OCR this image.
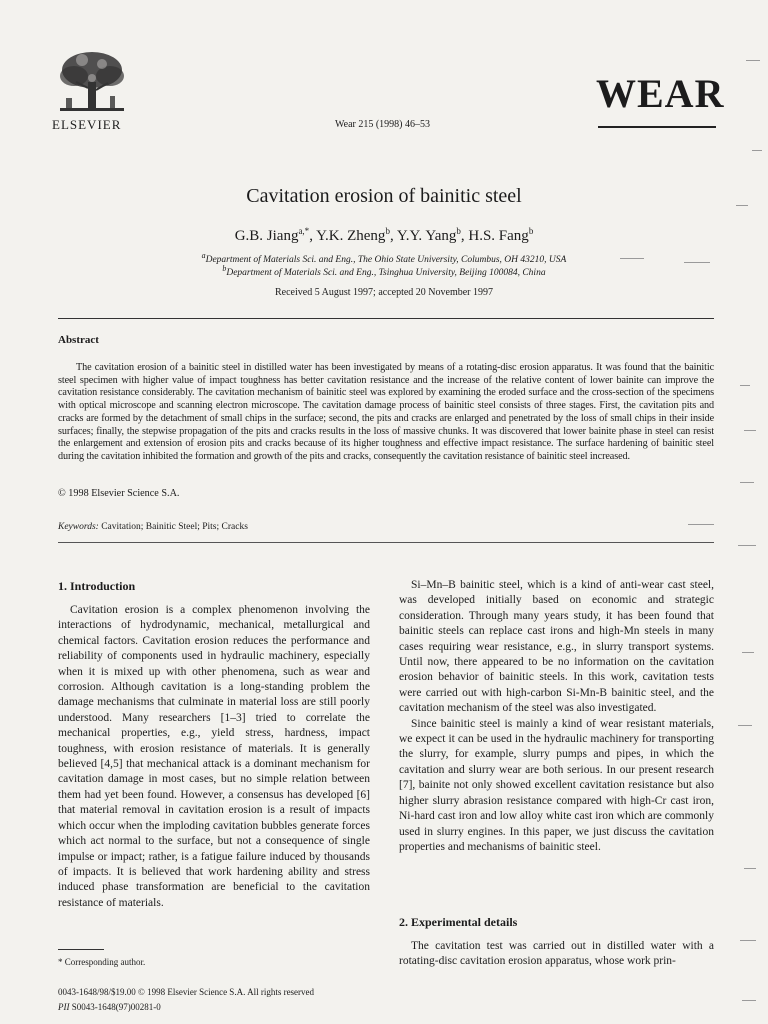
ELSEVIER	Wear 215 (1998) 46–53
WEAR
Cavitation erosion of bainitic steel
G.B. Jiang$^{a,*}$, Y.K. Zheng$^b$, Y.Y. Yang$^b$, H.S. Fang$^b$
$^a$Department of Materials Sci. and Eng., The Ohio State University, Columbus, OH 43210, USA
$^b$Department of Materials Sci. and Eng., Tsinghua University, Beijing 100084, China
Received 5 August 1997; accepted 20 November 1997
Abstract
The cavitation erosion of a bainitic steel in distilled water has been investigated by means of a rotating-disc erosion apparatus. It was found that the bainitic steel specimen with higher value of impact toughness has better cavitation resistance and the increase of the relative content of lower bainite can improve the cavitation resistance considerably. The cavitation mechanism of bainitic steel was explored by examining the eroded surface and the cross-section of the specimens with optical microscope and scanning electron microscope. The cavitation damage process of bainitic steel consists of three stages. First, the cavitation pits and cracks are formed by the detachment of small chips in the surface; second, the pits and cracks are enlarged and penetrated by the loss of small chips in their inside surfaces; finally, the stepwise propagation of the pits and cracks results in the loss of massive chunks. It was discovered that lower bainite phase in steel can resist the enlargement and extension of erosion pits and cracks because of its higher toughness and effective impact resistance. The surface hardening of bainitic steel during the cavitation inhibited the formation and growth of the pits and cracks, consequently the cavitation resistance of bainitic steel increased.
© 1998 Elsevier Science S.A.
Keywords: Cavitation; Bainitic Steel; Pits; Cracks
1. Introduction

Cavitation erosion is a complex phenomenon involving the interactions of hydrodynamic, mechanical, metallurgical and chemical factors. Cavitation erosion reduces the performance and reliability of components used in hydraulic machinery, especially when it is mixed up with other phenomena, such as wear and corrosion. Although cavitation is a long-standing problem the damage mechanisms that culminate in material loss are still poorly understood. Many researchers [1–3] tried to correlate the mechanical properties, e.g., yield stress, hardness, impact toughness, with erosion resistance of materials. It is generally believed [4,5] that mechanical attack is a dominant mechanism for cavitation damage in most cases, but no simple relation between them had yet been found. However, a consensus has developed [6] that material removal in cavitation erosion is a result of impacts which occur when the imploding cavitation bubbles generate forces which act normal to the surface, but not a consequence of single impulse or impact; rather, is a fatigue failure induced by thousands of impacts. It is believed that work hardening ability and stress induced phase transformation are beneficial to the cavitation resistance of materials.

Si–Mn–B bainitic steel, which is a kind of anti-wear cast steel, was developed initially based on economic and strategic consideration. Through many years study, it has been found that bainitic steels can replace cast irons and high-Mn steels in many cases requiring wear resistance, e.g., in slurry transport systems. Until now, there appeared to be no information on the cavitation erosion behavior of bainitic steels. In this work, cavitation tests were carried out with high-carbon Si-Mn-B bainitic steel, and the cavitation mechanism of the steel was also investigated.

Since bainitic steel is mainly a kind of wear resistant materials, we expect it can be used in the hydraulic machinery for transporting the slurry, for example, slurry pumps and pipes, in which the cavitation and slurry wear are both serious. In our present research [7], bainite not only showed excellent cavitation resistance but also higher slurry abrasion resistance compared with high-Cr cast iron, Ni-hard cast iron and low alloy white cast iron which are commonly used in slurry engines. In this paper, we just discuss the cavitation properties and mechanisms of bainitic steel.

2. Experimental details

The cavitation test was carried out in distilled water with a rotating-disc cavitation erosion apparatus, whose work prin-

* Corresponding author.
0043-1648/98/$19.00 © 1998 Elsevier Science S.A. All rights reserved
PII S0043-1648(97)00281-0
